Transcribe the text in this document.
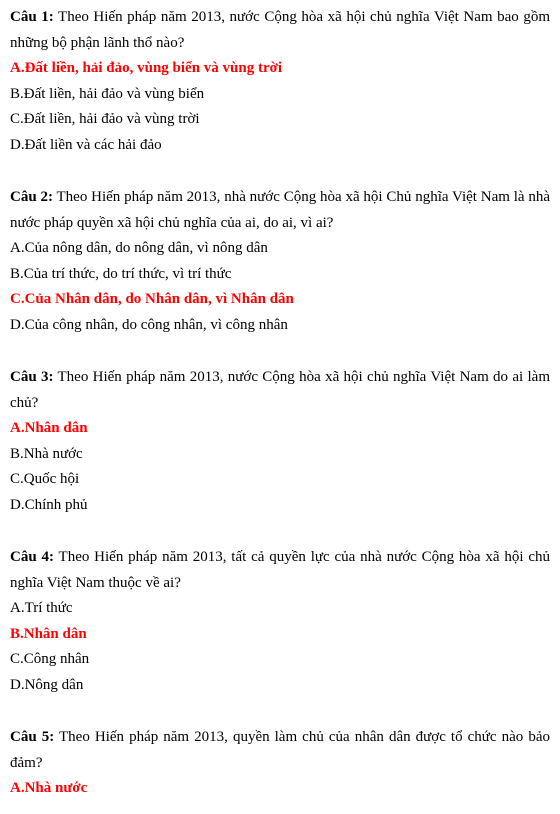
Câu 1: Theo Hiến pháp năm 2013, nước Cộng hòa xã hội chủ nghĩa Việt Nam bao gồm những bộ phận lãnh thổ nào?

A.Đất liền, hải đảo, vùng biển và vùng trời

B.Đất liền, hải đảo và vùng biển

C.Đất liền, hải đảo và vùng trời

D.Đất liền và các hải đảo

Câu 2: Theo Hiến pháp năm 2013, nhà nước Cộng hòa xã hội Chủ nghĩa Việt Nam là nhà nước pháp quyền xã hội chủ nghĩa của ai, do ai, vì ai?

A.Của nông dân, do nông dân, vì nông dân

B.Của trí thức, do trí thức, vì trí thức

C.Của Nhân dân, do Nhân dân, vì Nhân dân

D.Của công nhân, do công nhân, vì công nhân

Câu 3: Theo Hiến pháp năm 2013, nước Cộng hòa xã hội chủ nghĩa Việt Nam do ai làm chủ?

A.Nhân dân

B.Nhà nước

C.Quốc hội

D.Chính phủ

Câu 4: Theo Hiến pháp năm 2013, tất cả quyền lực của nhà nước Cộng hòa xã hội chủ nghĩa Việt Nam thuộc về ai?

A.Trí thức

B.Nhân dân

C.Công nhân

D.Nông dân

Câu 5: Theo Hiến pháp năm 2013, quyền làm chủ của nhân dân được tổ chức nào bảo đảm?

A.Nhà nước
